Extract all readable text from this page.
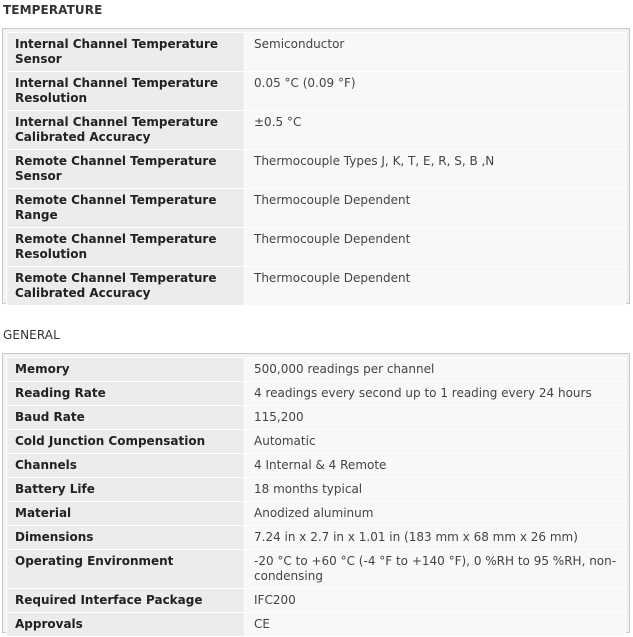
TEMPERATURE
Internal Channel Temperature Sensor	Semiconductor
Internal Channel Temperature Resolution	0.05 °C (0.09 °F)
Internal Channel Temperature Calibrated Accuracy	±0.5 °C
Remote Channel Temperature Sensor	Thermocouple Types J, K, T, E, R, S, B ,N
Remote Channel Temperature Range	Thermocouple Dependent
Remote Channel Temperature Resolution	Thermocouple Dependent
Remote Channel Temperature Calibrated Accuracy	Thermocouple Dependent
GENERAL
Memory	500,000 readings per channel
Reading Rate	4 readings every second up to 1 reading every 24 hours
Baud Rate	115,200
Cold Junction Compensation	Automatic
Channels	4 Internal & 4 Remote
Battery Life	18 months typical
Material	Anodized aluminum
Dimensions	7.24 in x 2.7 in x 1.01 in (183 mm x 68 mm x 26 mm)
Operating Environment	-20 °C to +60 °C (-4 °F to +140 °F), 0 %RH to 95 %RH, non-condensing
Required Interface Package	IFC200
Approvals	CE
